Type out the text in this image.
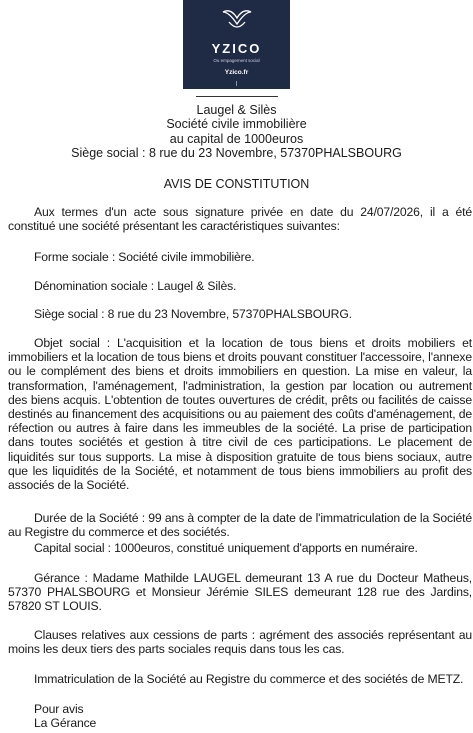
YZICO
Ou empagement social
Yzico.fr
Laugel & Silès
Société civile immobilière
au capital de 1000euros
Siège social : 8 rue du 23 Novembre, 57370PHALSBOURG
AVIS DE CONSTITUTION

Aux termes d'un acte sous signature privée en date du 24/07/2026, il a été constitué une société présentant les caractéristiques suivantes:

Forme sociale : Société civile immobilière.

Dénomination sociale : Laugel & Silès.

Siège social : 8 rue du 23 Novembre, 57370PHALSBOURG.

Objet social : L'acquisition et la location de tous biens et droits mobiliers et immobiliers et la location de tous biens et droits pouvant constituer l'accessoire, l'annexe ou le complément des biens et droits immobiliers en question. La mise en valeur, la transformation, l'aménagement, l'administration, la gestion par location ou autrement des biens acquis. L'obtention de toutes ouvertures de crédit, prêts ou facilités de caisse destinés au financement des acquisitions ou au paiement des coûts d'aménagement, de réfection ou autres à faire dans les immeubles de la société. La prise de participation dans toutes sociétés et gestion à titre civil de ces participations. Le placement de liquidités sur tous supports. La mise à disposition gratuite de tous biens sociaux, autre que les liquidités de la Société, et notamment de tous biens immobiliers au profit des associés de la Société.

Durée de la Société : 99 ans à compter de la date de l'immatriculation de la Société au Registre du commerce et des sociétés.

Capital social : 1000euros, constitué uniquement d'apports en numéraire.

Gérance : Madame Mathilde LAUGEL demeurant 13 A rue du Docteur Matheus, 57370 PHALSBOURG et Monsieur Jérémie SILES demeurant 128 rue des Jardins, 57820 ST LOUIS.

Clauses relatives aux cessions de parts : agrément des associés représentant au moins les deux tiers des parts sociales requis dans tous les cas.

Immatriculation de la Société au Registre du commerce et des sociétés de METZ.

Pour avis

La Gérance
